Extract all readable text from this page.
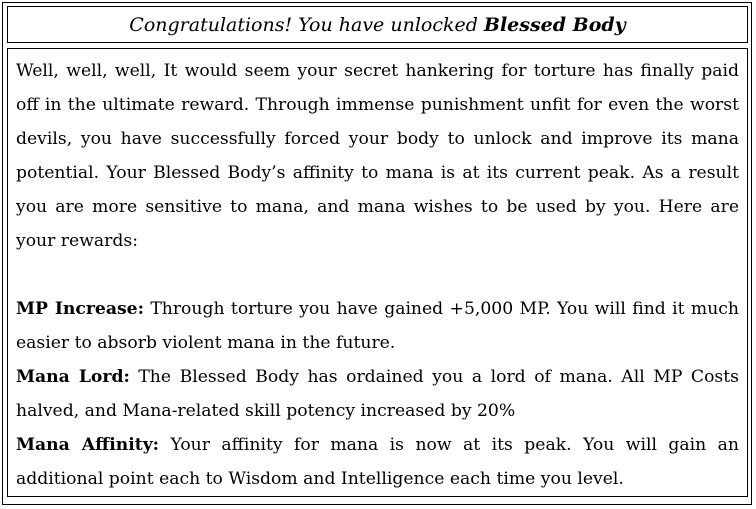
Congratulations! You have unlocked Blessed Body

Well, well, well, It would seem your secret hankering for torture has finally paid off in the ultimate reward. Through immense punishment unfit for even the worst devils, you have successfully forced your body to unlock and improve its mana potential. Your Blessed Body’s affinity to mana is at its current peak. As a result you are more sensitive to mana, and mana wishes to be used by you. Here are your rewards:

MP Increase: Through torture you have gained +5,000 MP. You will find it much easier to absorb violent mana in the future.

Mana Lord: The Blessed Body has ordained you a lord of mana. All MP Costs halved, and Mana-related skill potency increased by 20%

Mana Affinity: Your affinity for mana is now at its peak. You will gain an additional point each to Wisdom and Intelligence each time you level.
